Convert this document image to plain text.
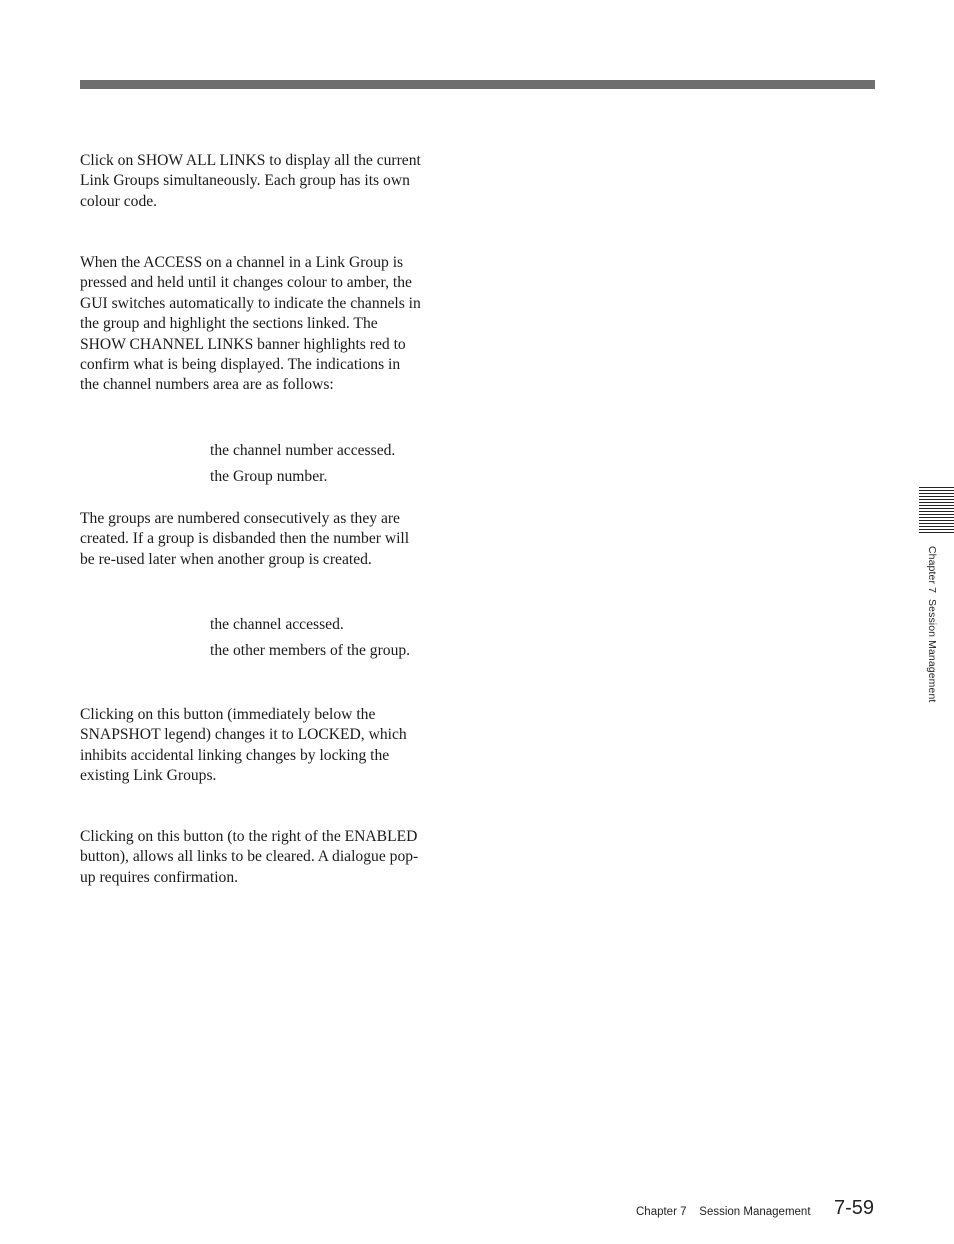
Click on SHOW ALL LINKS to display all the current
Link Groups simultaneously. Each group has its own
colour code.

When the ACCESS on a channel in a Link Group is
pressed and held until it changes colour to amber, the
GUI switches automatically to indicate the channels in
the group and highlight the sections linked. The
SHOW CHANNEL LINKS banner highlights red to
confirm what is being displayed. The indications in
the channel numbers area are as follows:

the channel number accessed.

the Group number.

The groups are numbered consecutively as they are
created. If a group is disbanded then the number will
be re-used later when another group is created.

the channel accessed.

the other members of the group.

Clicking on this button (immediately below the
SNAPSHOT legend) changes it to LOCKED, which
inhibits accidental linking changes by locking the
existing Link Groups.

Clicking on this button (to the right of the ENABLED
button), allows all links to be cleared. A dialogue pop-
up requires confirmation.

Chapter 7  Session Management
Chapter 7    Session Management 7-59
